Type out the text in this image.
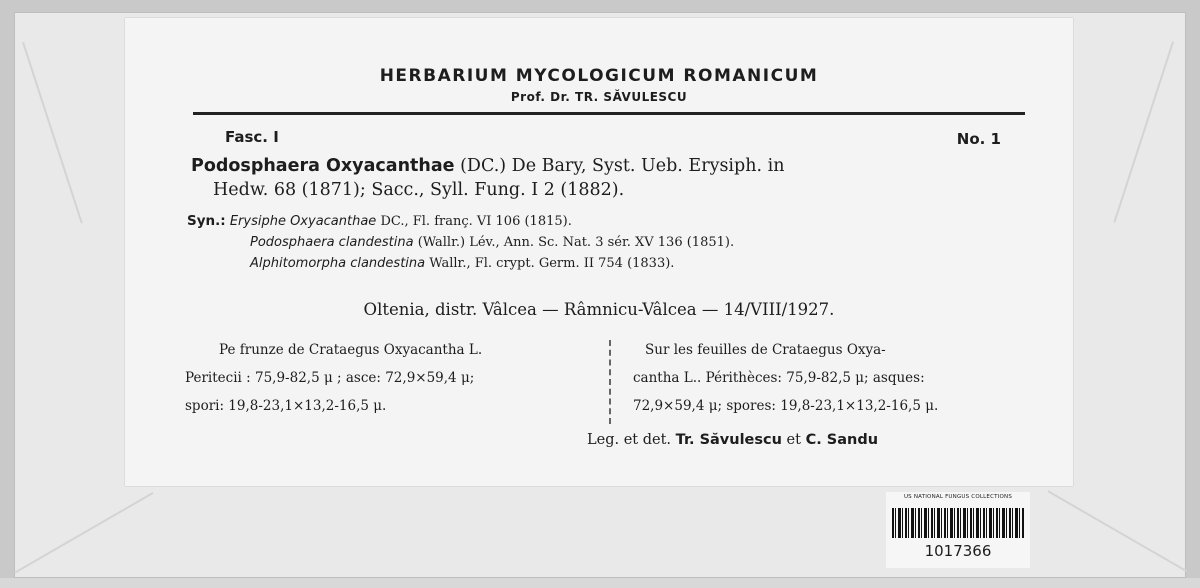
HERBARIUM MYCOLOGICUM ROMANICUM
Prof. Dr. TR. SĂVULESCU
Fasc. I	No. 1
Podosphaera Oxyacanthae (DC.) De Bary, Syst. Ueb. Erysiph. in
Hedw. 68 (1871); Sacc., Syll. Fung. I 2 (1882).
Syn.: Erysiphe Oxyacanthae DC., Fl. franç. VI 106 (1815).
Podosphaera clandestina (Wallr.) Lév., Ann. Sc. Nat. 3 sér. XV 136 (1851).
Alphitomorpha clandestina Wallr., Fl. crypt. Germ. II 754 (1833).
Oltenia, distr. Vâlcea — Râmnicu-Vâlcea — 14/VIII/1927.
Pe frunze de Crataegus Oxyacantha L.
Peritecii : 75,9-82,5 μ ; asce: 72,9×59,4 μ;
spori: 19,8-23,1×13,2-16,5 μ.
Sur les feuilles de Crataegus Oxya-
cantha L.. Périthèces: 75,9-82,5 μ; asques:
72,9×59,4 μ; spores: 19,8-23,1×13,2-16,5 μ.
Leg. et det. Tr. Săvulescu et C. Sandu
US NATIONAL FUNGUS COLLECTIONS
1017366
